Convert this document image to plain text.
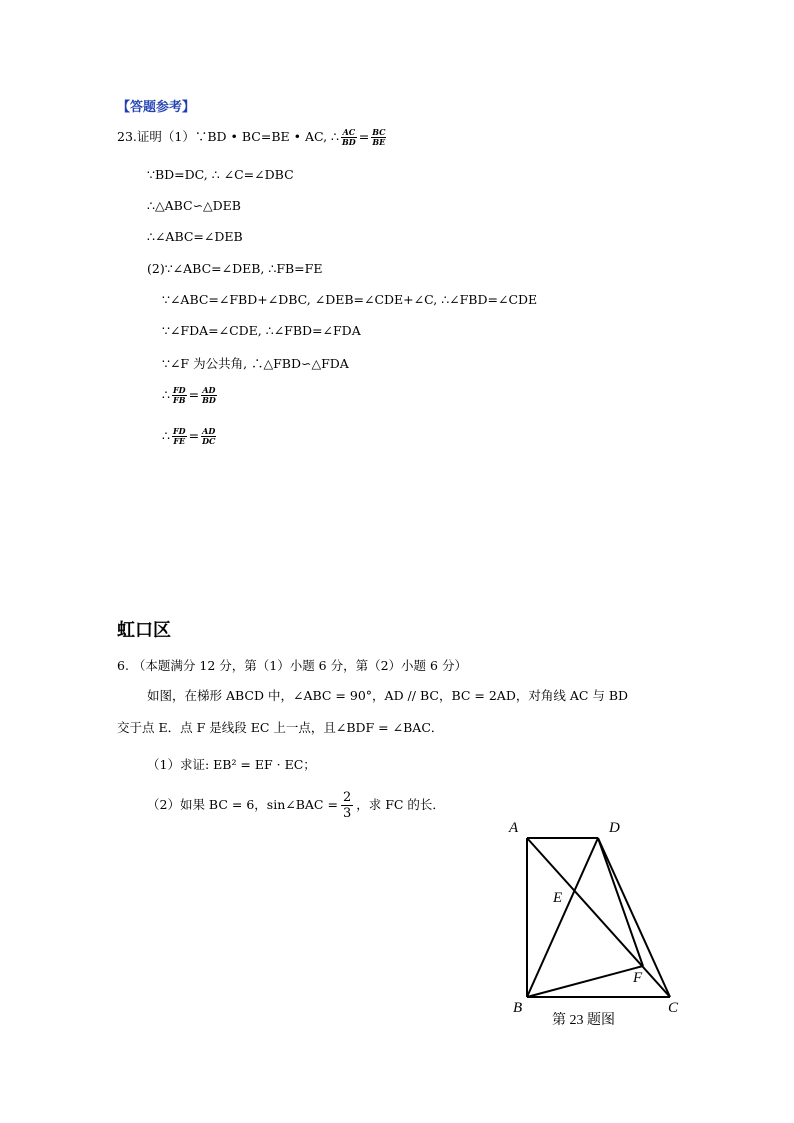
【答题参考】
23.证明（1）∵BD • BC=BE • AC, ∴ $\frac{AC}{BD} = \frac{BC}{BE}$
∵BD=DC, ∴ ∠C=∠DBC
∴△ABC∽△DEB
∴∠ABC=∠DEB
(2)∵∠ABC=∠DEB, ∴FB=FE
∵∠ABC=∠FBD+∠DBC, ∠DEB=∠CDE+∠C, ∴∠FBD=∠CDE
∵∠FDA=∠CDE, ∴∠FBD=∠FDA
∵∠F 为公共角, ∴△FBD∽△FDA
∴ $\frac{FD}{FB} = \frac{AD}{BD}$
∴ $\frac{FD}{FE} = \frac{AD}{DC}$
虹口区
6. （本题满分 12 分，第（1）小题 6 分，第（2）小题 6 分）
如图，在梯形 ABCD 中，∠ABC = 90°，AD // BC，BC = 2AD，对角线 AC 与 BD
交于点 E．点 F 是线段 EC 上一点，且∠BDF = ∠BAC．
（1）求证: EB² = EF · EC；
（2）如果 BC = 6，sin∠BAC = $\frac{2}{3}$ ，求 FC 的长．
A	D
E
F
B	C
第 23 题图
